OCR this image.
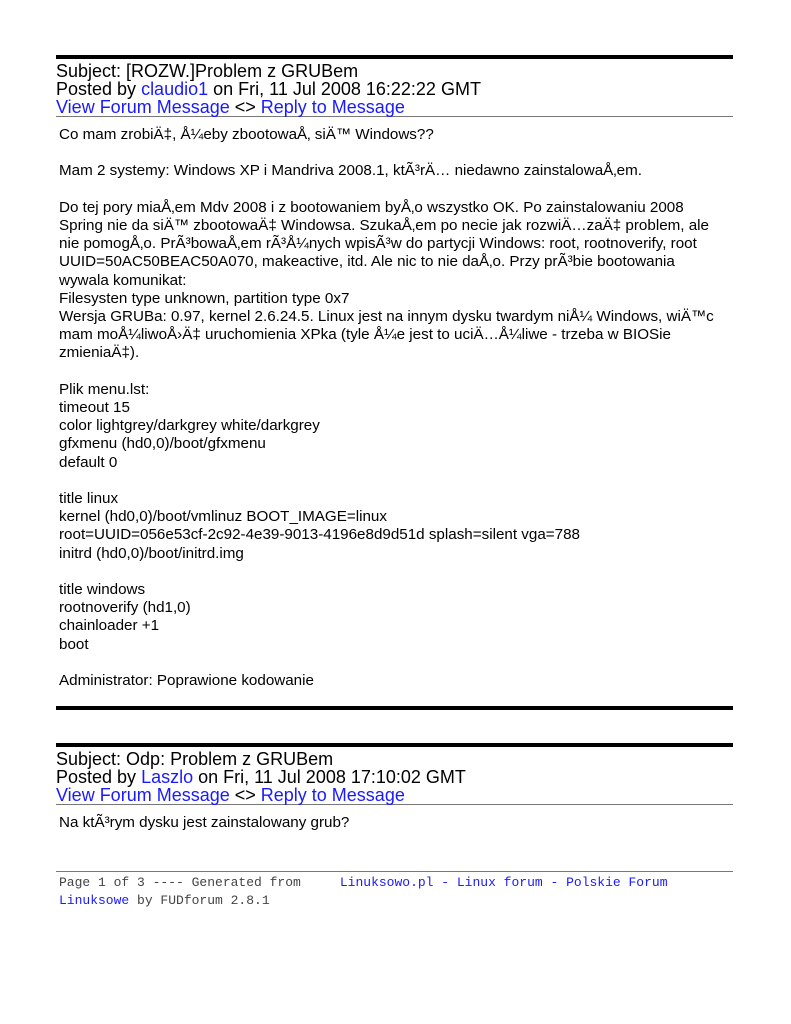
Subject: [ROZW.]Problem z GRUBem
Posted by claudio1 on Fri, 11 Jul 2008 16:22:22 GMT
View Forum Message <> Reply to Message

Co mam zrobiÄ‡, Å¼eby zbootowaÅ‚ siÄ™ Windows??

Mam 2 systemy: Windows XP i Mandriva 2008.1, ktÃ³rÄ… niedawno zainstalowaÅ‚em.

Do tej pory miaÅ‚em Mdv 2008 i z bootowaniem byÅ‚o wszystko OK. Po zainstalowaniu 2008
Spring nie da siÄ™ zbootowaÄ‡ Windowsa. SzukaÅ‚em po necie jak rozwiÄ…zaÄ‡ problem, ale
nie pomogÅ‚o. PrÃ³bowaÅ‚em rÃ³Å¼nych wpisÃ³w do partycji Windows: root, rootnoverify, root
UUID=50AC50BEAC50A070, makeactive, itd. Ale nic to nie daÅ‚o. Przy prÃ³bie bootowania
wywala komunikat:
Filesysten type unknown, partition type 0x7
Wersja GRUBa: 0.97, kernel 2.6.24.5. Linux jest na innym dysku twardym niÅ¼ Windows, wiÄ™c
mam moÅ¼liwoÅ›Ä‡ uruchomienia XPka (tyle Å¼e jest to uciÄ…Å¼liwe - trzeba w BIOSie
zmieniaÄ‡).

Plik menu.lst:
timeout 15
color lightgrey/darkgrey white/darkgrey
gfxmenu (hd0,0)/boot/gfxmenu
default 0

title linux
kernel (hd0,0)/boot/vmlinuz BOOT_IMAGE=linux
root=UUID=056e53cf-2c92-4e39-9013-4196e8d9d51d splash=silent vga=788
initrd (hd0,0)/boot/initrd.img

title windows
rootnoverify (hd1,0)
chainloader +1
boot

Administrator: Poprawione kodowanie

Subject: Odp: Problem z GRUBem
Posted by Laszlo on Fri, 11 Jul 2008 17:10:02 GMT
View Forum Message <> Reply to Message

Na ktÃ³rym dysku jest zainstalowany grub?

Page 1 of 3 ---- Generated from     Linuksowo.pl - Linux forum - Polskie Forum
Linuksowe by FUDforum 2.8.1
